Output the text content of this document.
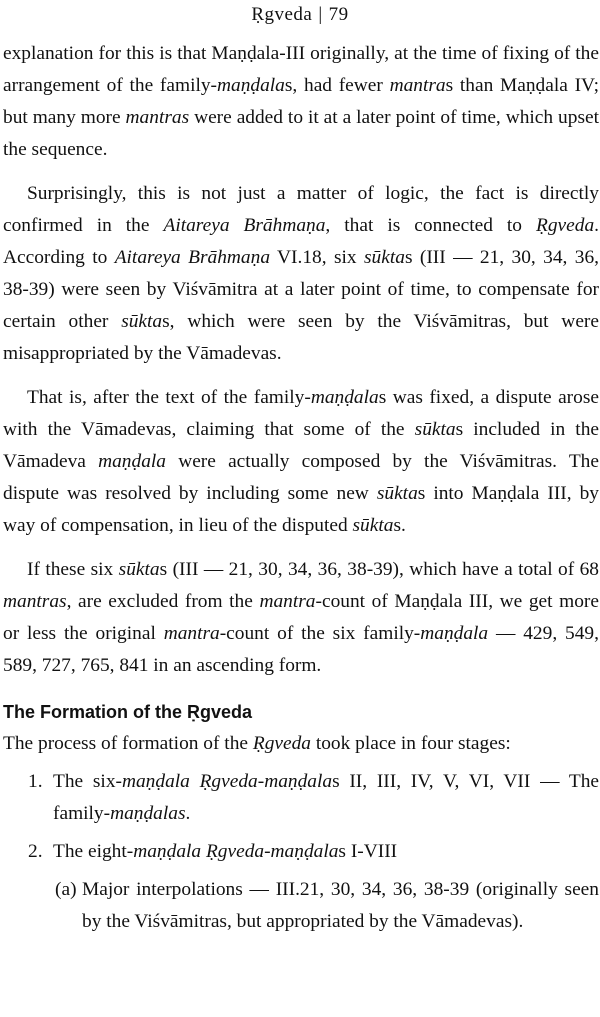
Ṛgveda | 79

explanation for this is that Maṇḍala-III originally, at the time of fixing of the arrangement of the family-maṇḍalas, had fewer mantras than Maṇḍala IV; but many more mantras were added to it at a later point of time, which upset the sequence.

Surprisingly, this is not just a matter of logic, the fact is directly confirmed in the Aitareya Brāhmaṇa, that is connected to Ṛgveda. According to Aitareya Brāhmaṇa VI.18, six sūktas (III — 21, 30, 34, 36, 38-39) were seen by Viśvāmitra at a later point of time, to compensate for certain other sūktas, which were seen by the Viśvāmitras, but were misappropriated by the Vāmadevas.

That is, after the text of the family-maṇḍalas was fixed, a dispute arose with the Vāmadevas, claiming that some of the sūktas included in the Vāmadeva maṇḍala were actually composed by the Viśvāmitras. The dispute was resolved by including some new sūktas into Maṇḍala III, by way of compensation, in lieu of the disputed sūktas.

If these six sūktas (III — 21, 30, 34, 36, 38-39), which have a total of 68 mantras, are excluded from the mantra-count of Maṇḍala III, we get more or less the original mantra-count of the six family-maṇḍala — 429, 549, 589, 727, 765, 841 in an ascending form.

The Formation of the Ṛgveda

The process of formation of the Ṛgveda took place in four stages:

1. The six-maṇḍala Ṛgveda-maṇḍalas II, III, IV, V, VI, VII — The family-maṇḍalas.

2. The eight-maṇḍala Ṛgveda-maṇḍalas I-VIII

(a) Major interpolations — III.21, 30, 34, 36, 38-39 (originally seen by the Viśvāmitras, but appropriated by the Vāmadevas).
